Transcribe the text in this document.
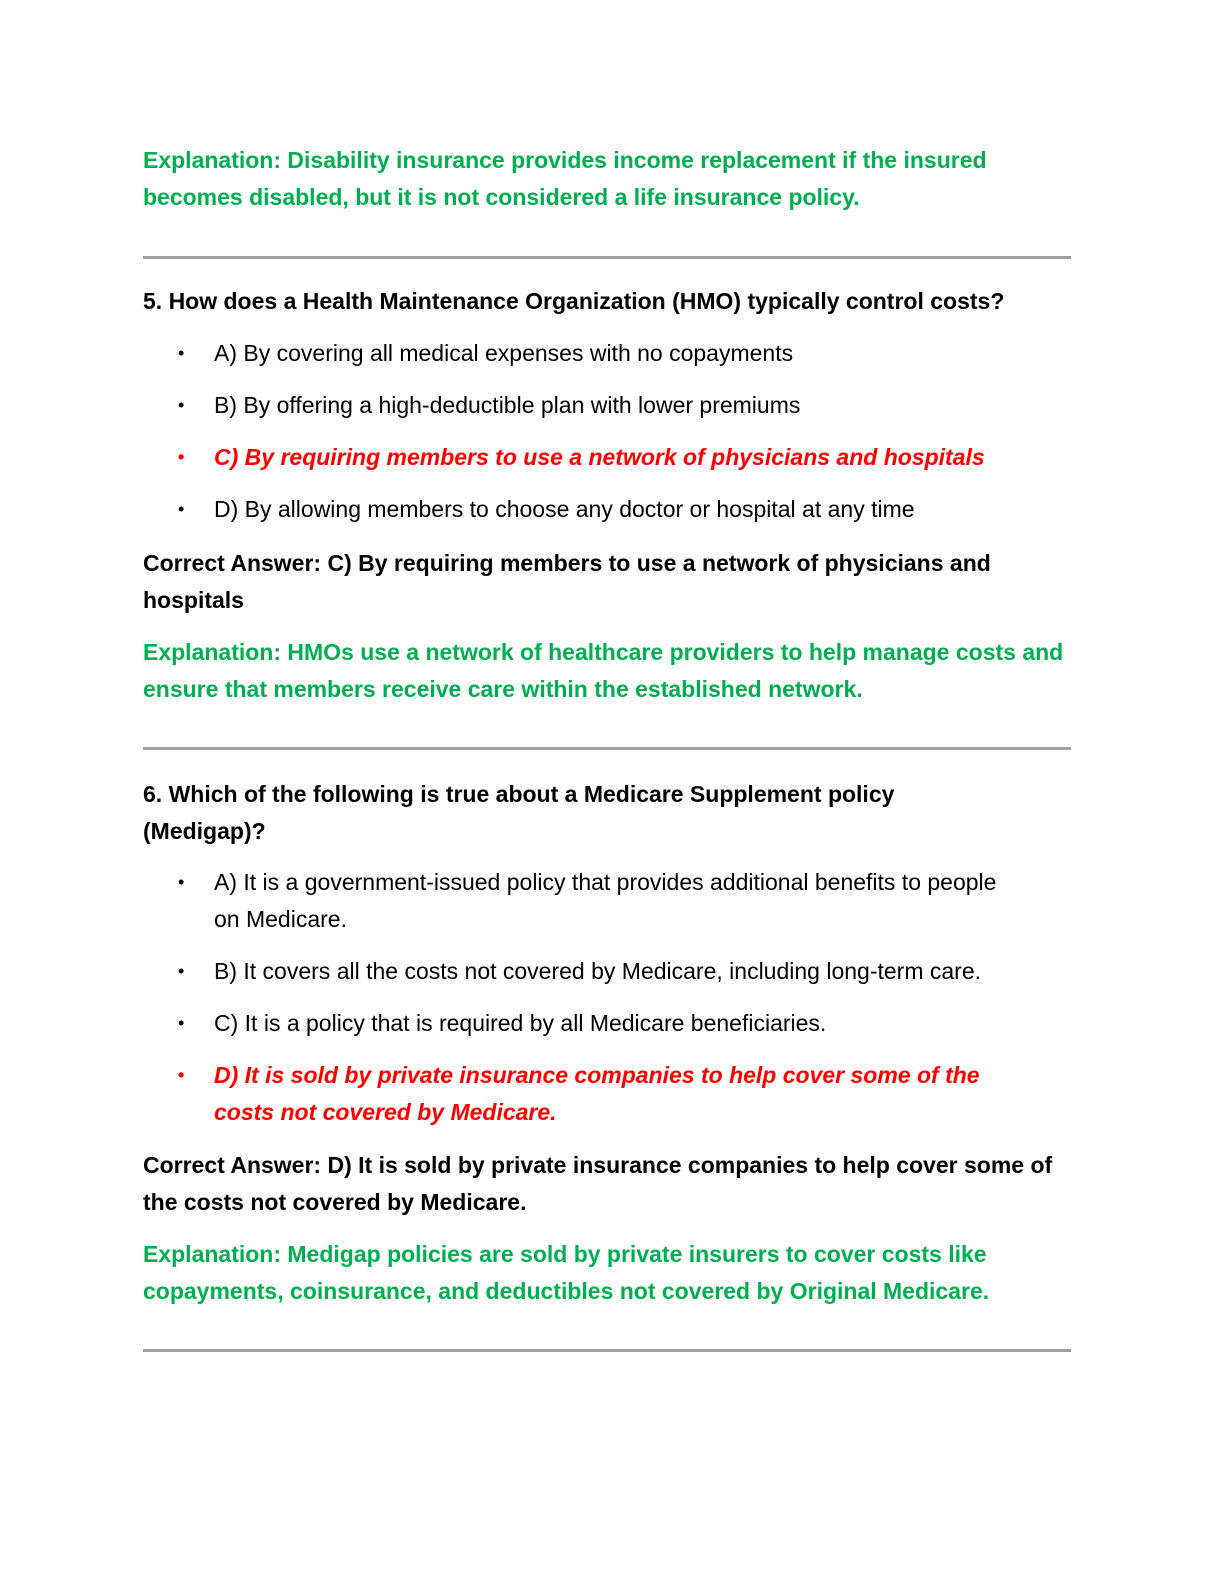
Explanation: Disability insurance provides income replacement if the insured becomes disabled, but it is not considered a life insurance policy.

5. How does a Health Maintenance Organization (HMO) typically control costs?

• A) By covering all medical expenses with no copayments
• B) By offering a high-deductible plan with lower premiums
• C) By requiring members to use a network of physicians and hospitals
• D) By allowing members to choose any doctor or hospital at any time

Correct Answer: C) By requiring members to use a network of physicians and hospitals

Explanation: HMOs use a network of healthcare providers to help manage costs and ensure that members receive care within the established network.

6. Which of the following is true about a Medicare Supplement policy (Medigap)?

• A) It is a government-issued policy that provides additional benefits to people on Medicare.
• B) It covers all the costs not covered by Medicare, including long-term care.
• C) It is a policy that is required by all Medicare beneficiaries.
• D) It is sold by private insurance companies to help cover some of the costs not covered by Medicare.

Correct Answer: D) It is sold by private insurance companies to help cover some of the costs not covered by Medicare.

Explanation: Medigap policies are sold by private insurers to cover costs like copayments, coinsurance, and deductibles not covered by Original Medicare.
